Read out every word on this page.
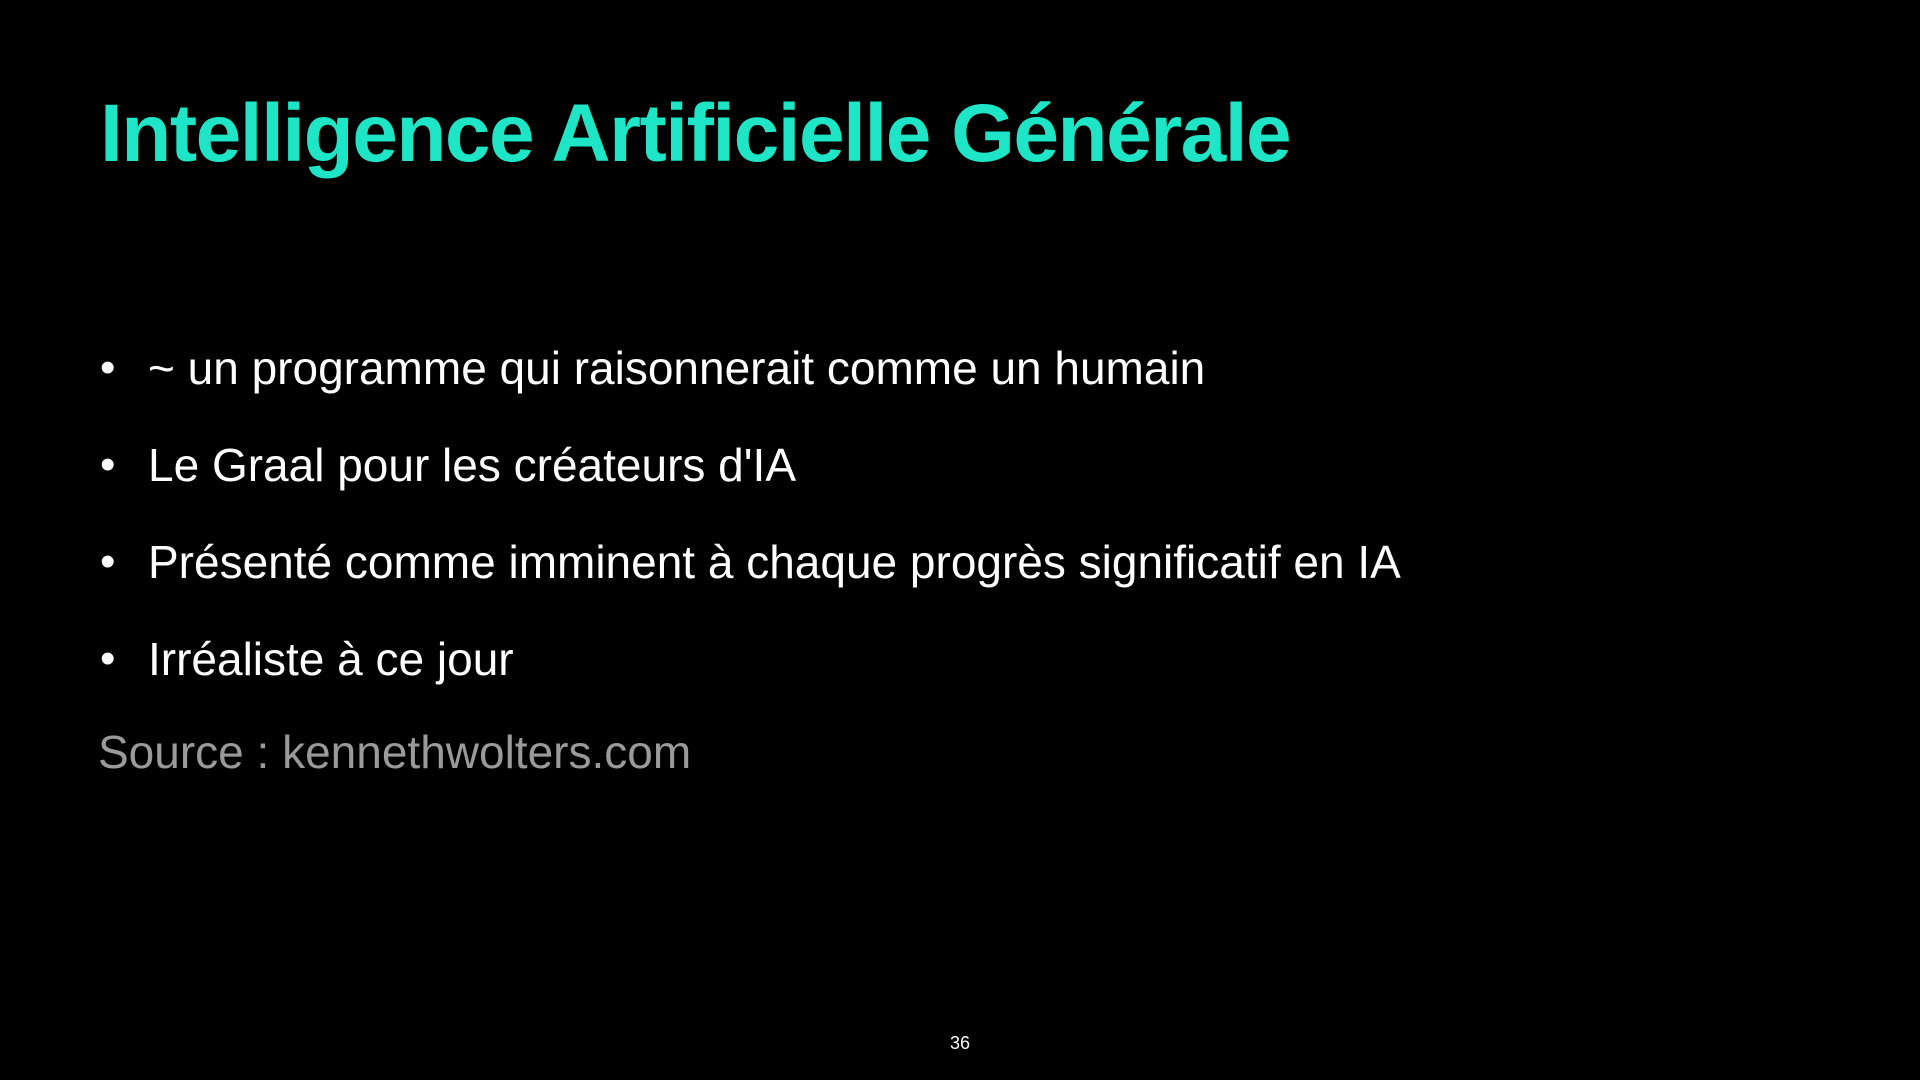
Intelligence Artificielle Générale
• ~ un programme qui raisonnerait comme un humain
• Le Graal pour les créateurs d'IA
• Présenté comme imminent à chaque progrès significatif en IA
• Irréaliste à ce jour

Source : kennethwolters.com

36
